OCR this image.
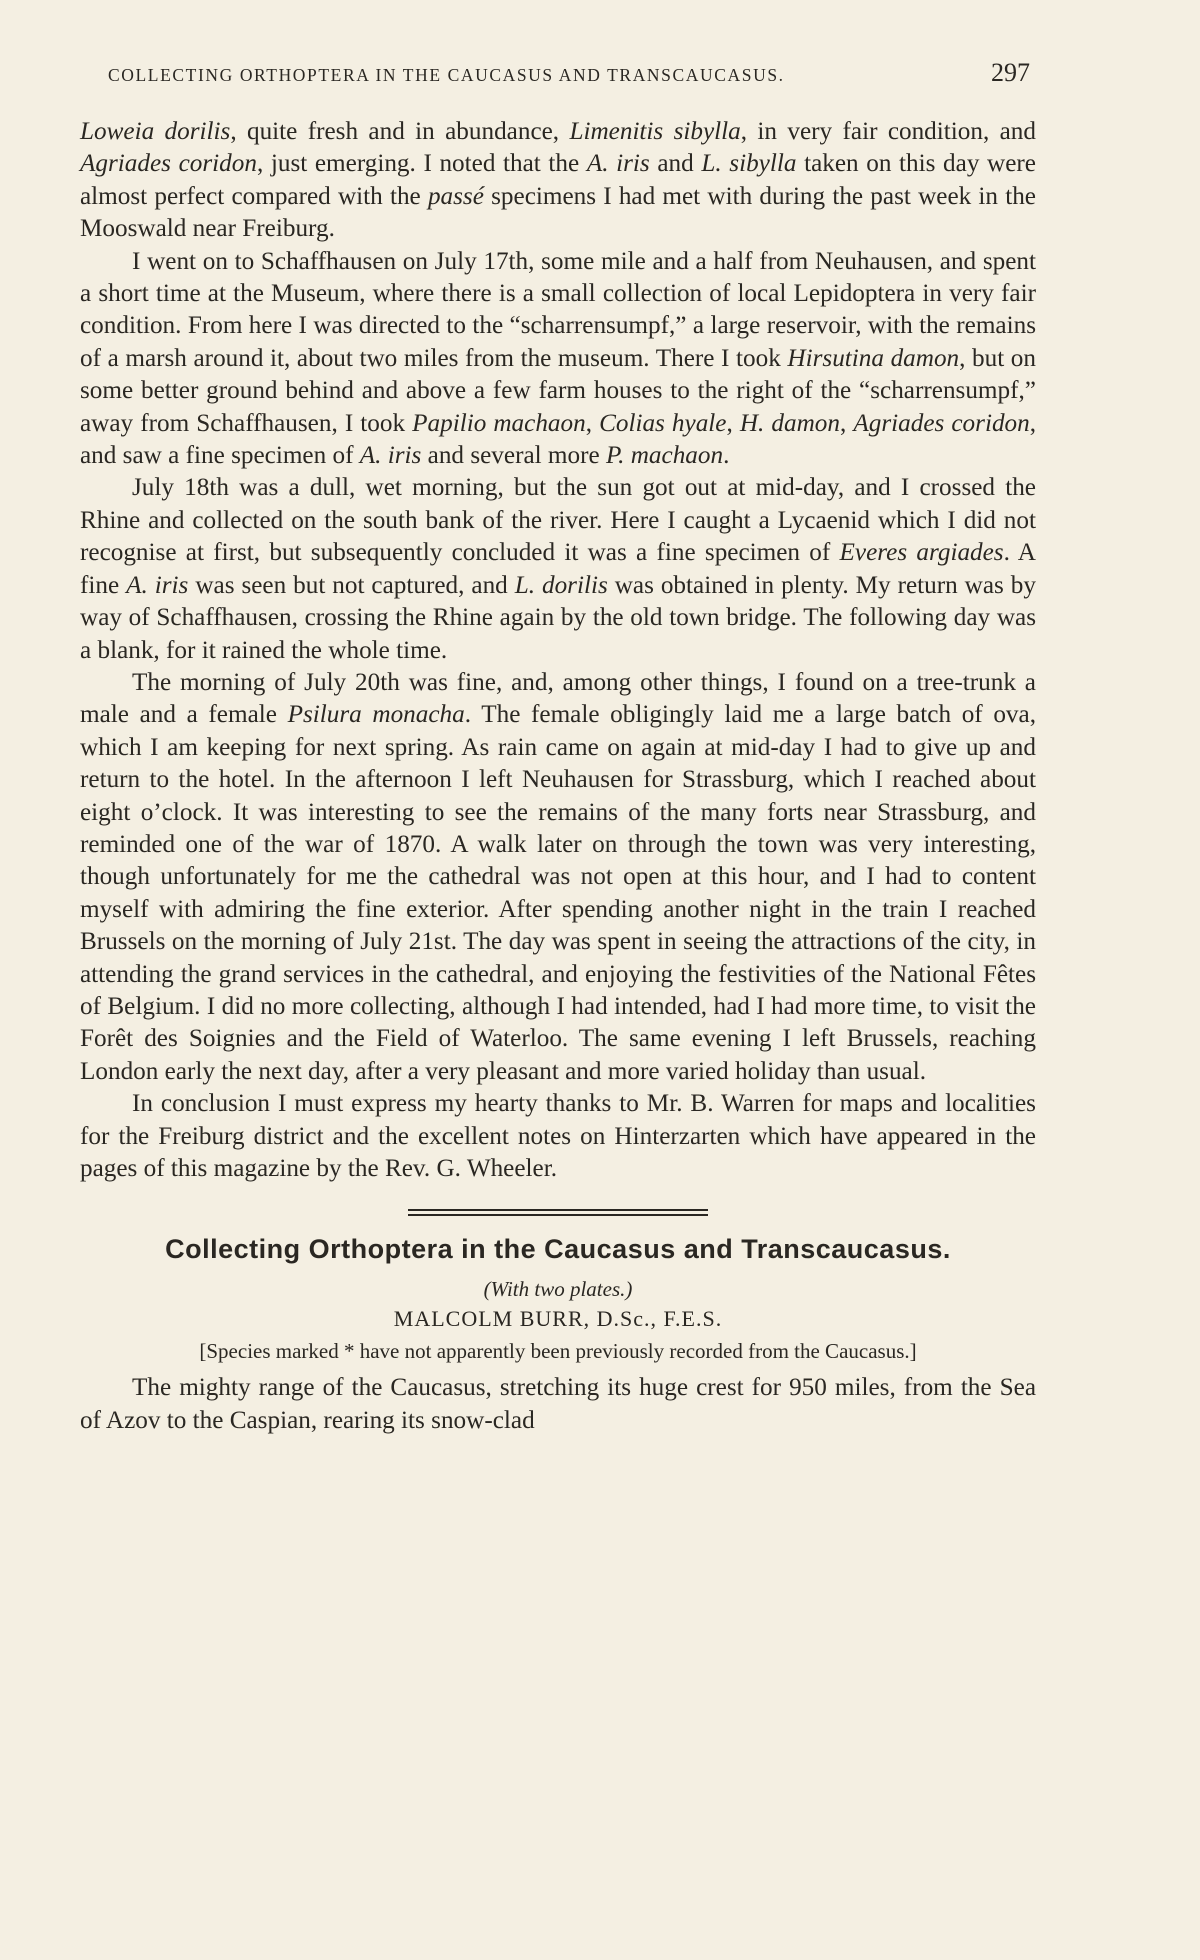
COLLECTING ORTHOPTERA IN THE CAUCASUS AND TRANSCAUCASUS.	297

Loweia dorilis, quite fresh and in abundance, Limenitis sibylla, in very fair condition, and Agriades coridon, just emerging. I noted that the A. iris and L. sibylla taken on this day were almost perfect compared with the passé specimens I had met with during the past week in the Mooswald near Freiburg.

I went on to Schaffhausen on July 17th, some mile and a half from Neuhausen, and spent a short time at the Museum, where there is a small collection of local Lepidoptera in very fair condition. From here I was directed to the “scharrensumpf,” a large reservoir, with the remains of a marsh around it, about two miles from the museum. There I took Hirsutina damon, but on some better ground behind and above a few farm houses to the right of the “scharrensumpf,” away from Schaffhausen, I took Papilio machaon, Colias hyale, H. damon, Agriades coridon, and saw a fine specimen of A. iris and several more P. machaon.

July 18th was a dull, wet morning, but the sun got out at mid-day, and I crossed the Rhine and collected on the south bank of the river. Here I caught a Lycaenid which I did not recognise at first, but subsequently concluded it was a fine specimen of Everes argiades. A fine A. iris was seen but not captured, and L. dorilis was obtained in plenty. My return was by way of Schaffhausen, crossing the Rhine again by the old town bridge. The following day was a blank, for it rained the whole time.

The morning of July 20th was fine, and, among other things, I found on a tree-trunk a male and a female Psilura monacha. The female obligingly laid me a large batch of ova, which I am keeping for next spring. As rain came on again at mid-day I had to give up and return to the hotel. In the afternoon I left Neuhausen for Strassburg, which I reached about eight o’clock. It was interesting to see the remains of the many forts near Strassburg, and reminded one of the war of 1870. A walk later on through the town was very interesting, though unfortunately for me the cathedral was not open at this hour, and I had to content myself with admiring the fine exterior. After spending another night in the train I reached Brussels on the morning of July 21st. The day was spent in seeing the attractions of the city, in attending the grand services in the cathedral, and enjoying the festivities of the National Fêtes of Belgium. I did no more collecting, although I had intended, had I had more time, to visit the Forêt des Soignies and the Field of Waterloo. The same evening I left Brussels, reaching London early the next day, after a very pleasant and more varied holiday than usual.

In conclusion I must express my hearty thanks to Mr. B. Warren for maps and localities for the Freiburg district and the excellent notes on Hinterzarten which have appeared in the pages of this magazine by the Rev. G. Wheeler.

Collecting Orthoptera in the Caucasus and Transcaucasus.
(With two plates.)
MALCOLM BURR, D.Sc., F.E.S.
[Species marked * have not apparently been previously recorded from the Caucasus.]

The mighty range of the Caucasus, stretching its huge crest for 950 miles, from the Sea of Azov to the Caspian, rearing its snow-clad
